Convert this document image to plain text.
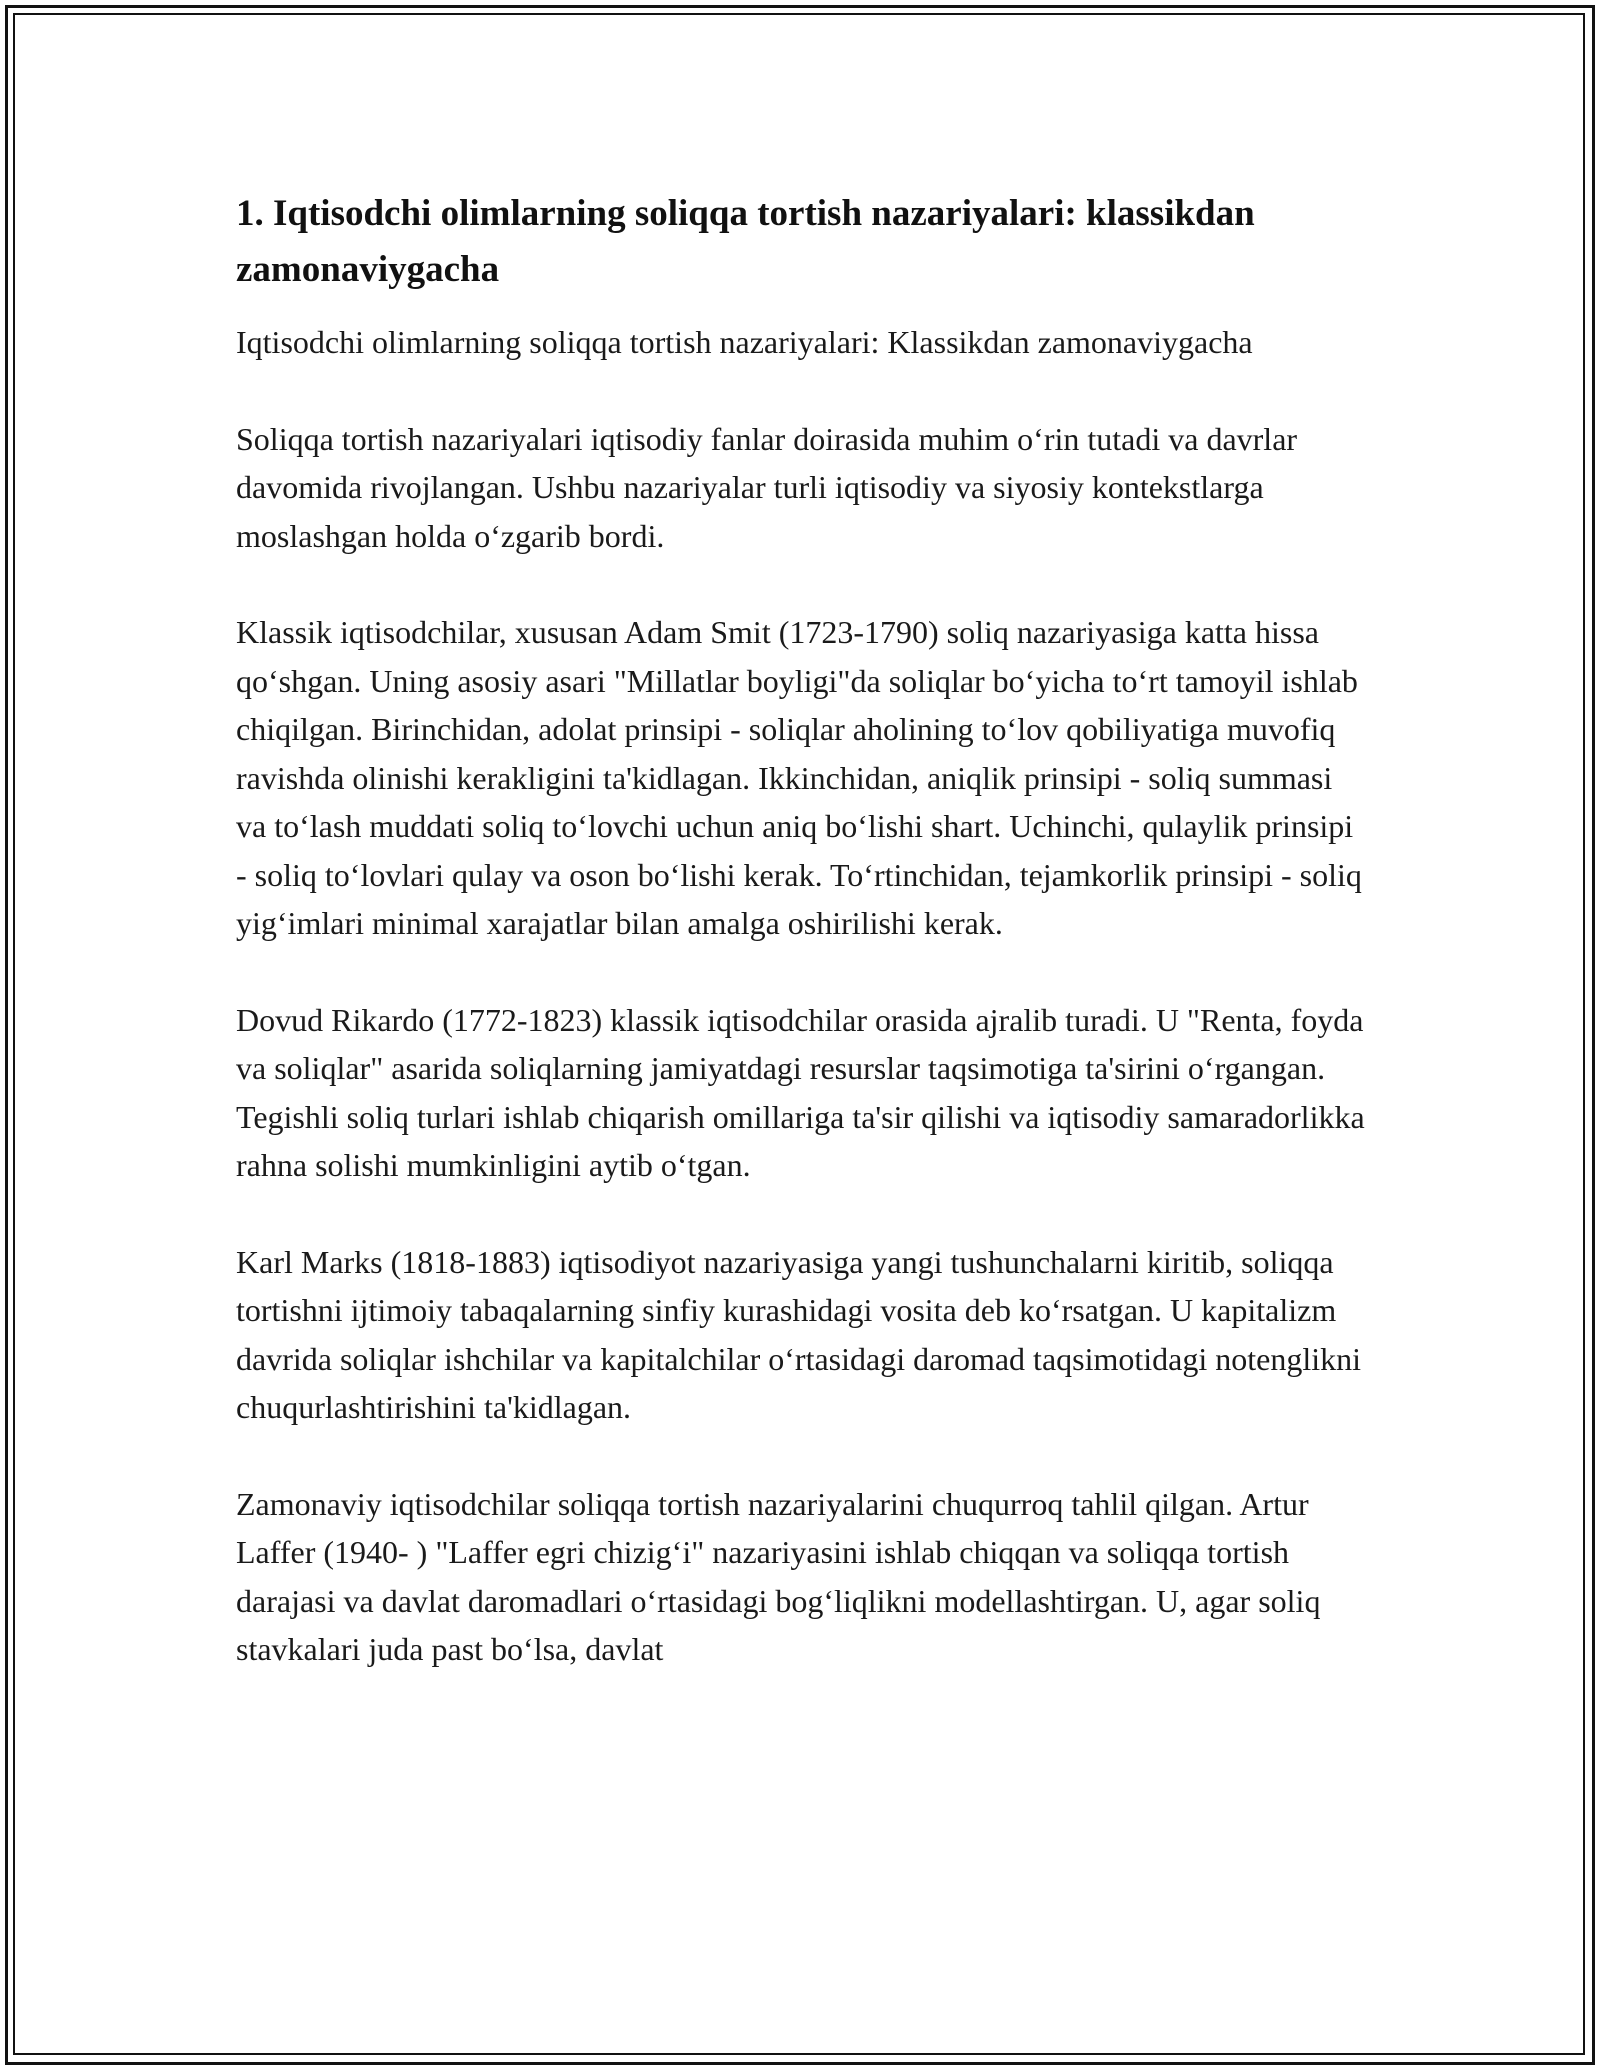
1. Iqtisodchi olimlarning soliqqa tortish nazariyalari: klassikdan zamonaviygacha

Iqtisodchi olimlarning soliqqa tortish nazariyalari: Klassikdan zamonaviygacha

Soliqqa tortish nazariyalari iqtisodiy fanlar doirasida muhim o‘rin tutadi va davrlar davomida rivojlangan. Ushbu nazariyalar turli iqtisodiy va siyosiy kontekstlarga moslashgan holda o‘zgarib bordi.

Klassik iqtisodchilar, xususan Adam Smit (1723-1790) soliq nazariyasiga katta hissa qo‘shgan. Uning asosiy asari "Millatlar boyligi"da soliqlar bo‘yicha to‘rt tamoyil ishlab chiqilgan. Birinchidan, adolat prinsipi - soliqlar aholining to‘lov qobiliyatiga muvofiq ravishda olinishi kerakligini ta'kidlagan. Ikkinchidan, aniqlik prinsipi - soliq summasi va to‘lash muddati soliq to‘lovchi uchun aniq bo‘lishi shart. Uchinchi, qulaylik prinsipi - soliq to‘lovlari qulay va oson bo‘lishi kerak. To‘rtinchidan, tejamkorlik prinsipi - soliq yig‘imlari minimal xarajatlar bilan amalga oshirilishi kerak.

Dovud Rikardo (1772-1823) klassik iqtisodchilar orasida ajralib turadi. U "Renta, foyda va soliqlar" asarida soliqlarning jamiyatdagi resurslar taqsimotiga ta'sirini o‘rgangan. Tegishli soliq turlari ishlab chiqarish omillariga ta'sir qilishi va iqtisodiy samaradorlikka rahna solishi mumkinligini aytib o‘tgan.

Karl Marks (1818-1883) iqtisodiyot nazariyasiga yangi tushunchalarni kiritib, soliqqa tortishni ijtimoiy tabaqalarning sinfiy kurashidagi vosita deb ko‘rsatgan. U kapitalizm davrida soliqlar ishchilar va kapitalchilar o‘rtasidagi daromad taqsimotidagi notenglikni chuqurlashtirishini ta'kidlagan.

Zamonaviy iqtisodchilar soliqqa tortish nazariyalarini chuqurroq tahlil qilgan. Artur Laffer (1940- ) "Laffer egri chizig‘i" nazariyasini ishlab chiqqan va soliqqa tortish darajasi va davlat daromadlari o‘rtasidagi bog‘liqlikni modellashtirgan. U, agar soliq stavkalari juda past bo‘lsa, davlat
